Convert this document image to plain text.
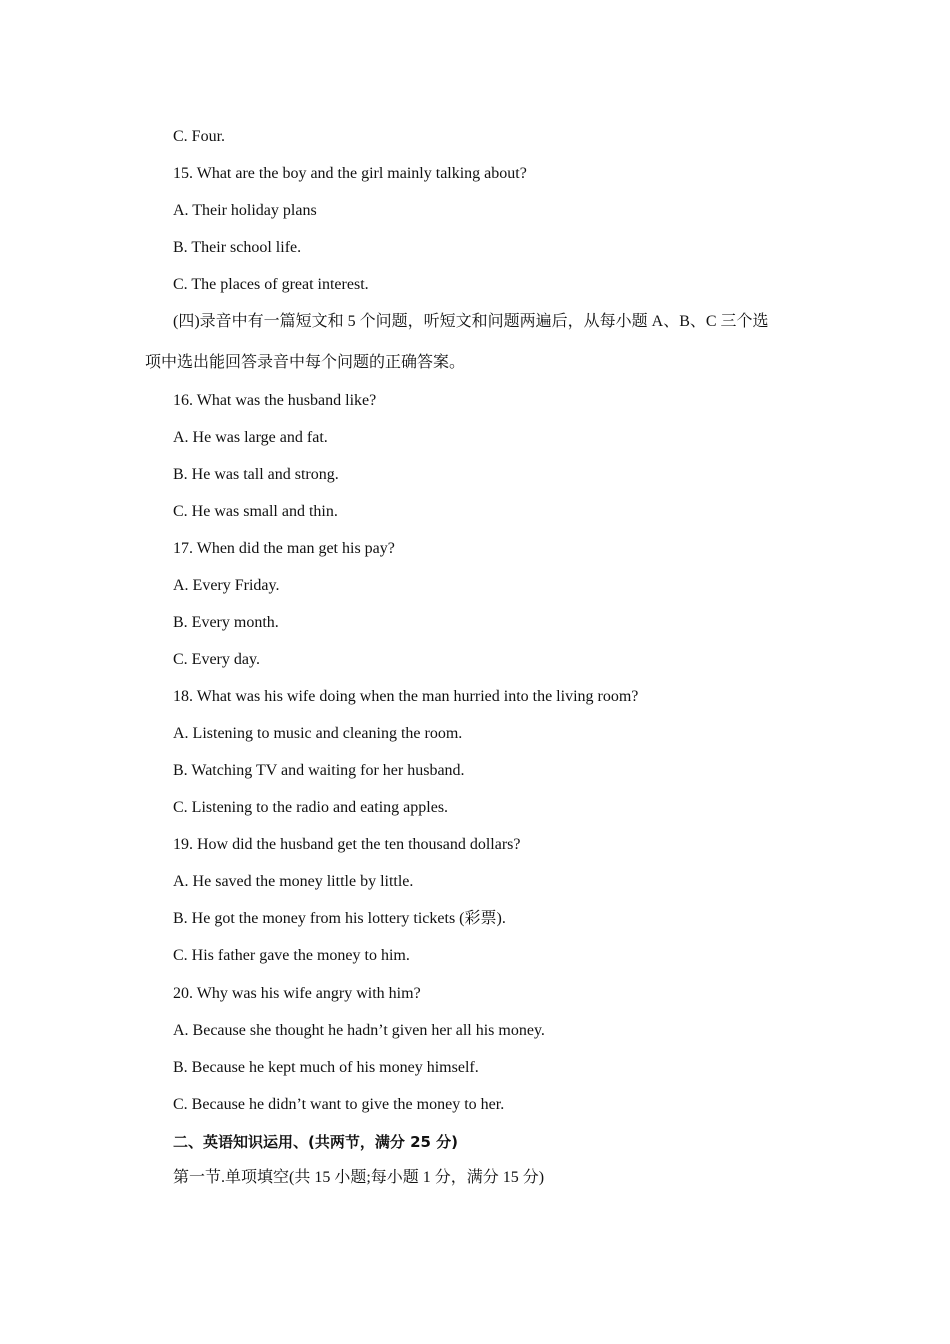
C. Four.
15. What are the boy and the girl mainly talking about?
A. Their holiday plans
B. Their school life.
C. The places of great interest.
(四)录音中有一篇短文和 5 个问题，听短文和问题两遍后，从每小题 A、B、C 三个选
项中选出能回答录音中每个问题的正确答案。
16. What was the husband like?
A. He was large and fat.
B. He was tall and strong.
C. He was small and thin.
17. When did the man get his pay?
A. Every Friday.
B. Every month.
C. Every day.
18. What was his wife doing when the man hurried into the living room?
A. Listening to music and cleaning the room.
B. Watching TV and waiting for her husband.
C. Listening to the radio and eating apples.
19. How did the husband get the ten thousand dollars?
A. He saved the money little by little.
B. He got the money from his lottery tickets (彩票).
C. His father gave the money to him.
20. Why was his wife angry with him?
A. Because she thought he hadn’t given her all his money.
B. Because he kept much of his money himself.
C. Because he didn’t want to give the money to her.
二、英语知识运用、(共两节，满分 25 分)
第一节.单项填空(共 15 小题;每小题 1 分，满分 15 分)
